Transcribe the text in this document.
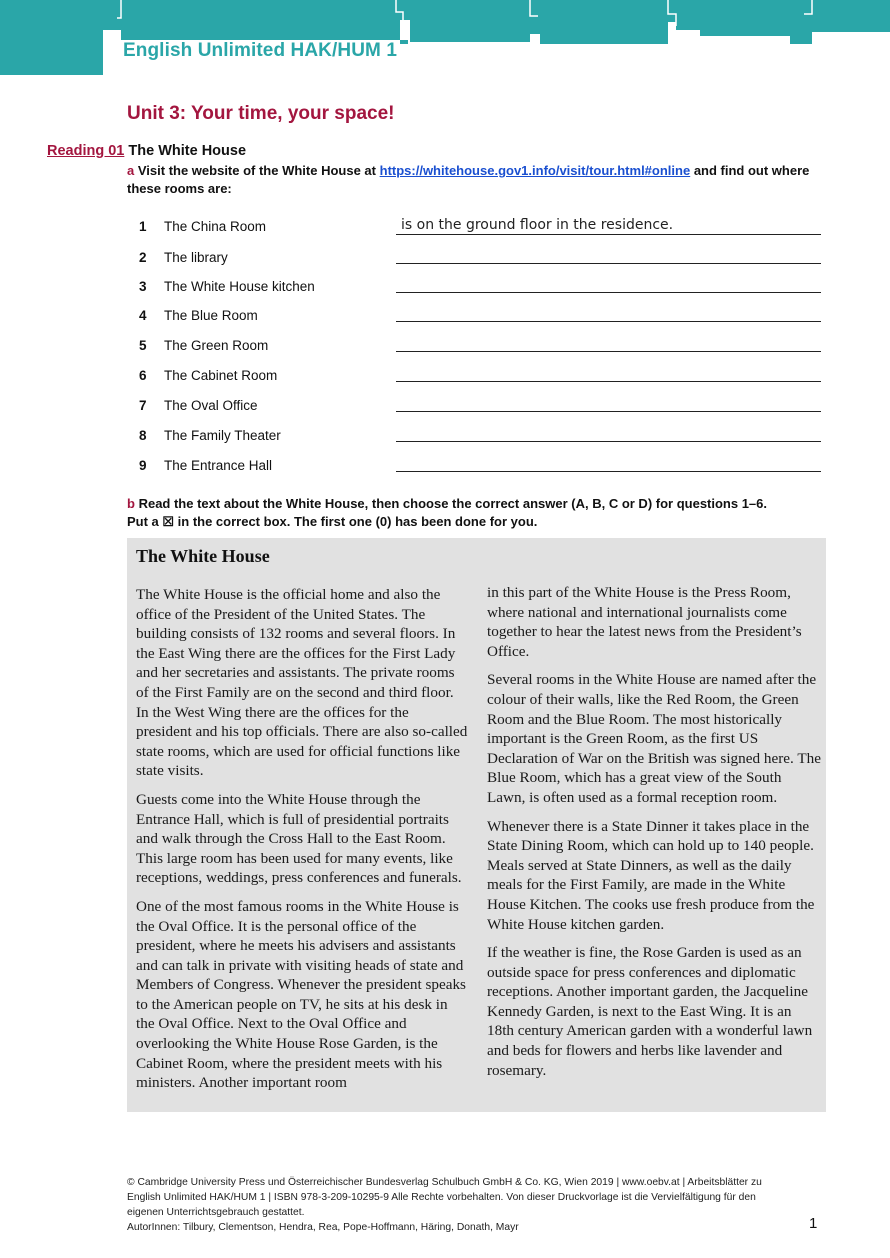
English Unlimited HAK/HUM 1
Unit 3: Your time, your space!
Reading 01 The White House
a Visit the website of the White House at https://whitehouse.gov1.info/visit/tour.html#online and find out where these rooms are:
1 The China Room	is on the ground floor in the residence.
2 The library
3 The White House kitchen
4 The Blue Room
5 The Green Room
6 The Cabinet Room
7 The Oval Office
8 The Family Theater
9 The Entrance Hall
b Read the text about the White House, then choose the correct answer (A, B, C or D) for questions 1–6.
Put a ☒ in the correct box. The first one (0) has been done for you.
The White House

The White House is the official home and also the office of the President of the United States. The building consists of 132 rooms and several floors. In the East Wing there are the offices for the First Lady and her secretaries and assistants. The private rooms of the First Family are on the second and third floor. In the West Wing there are the offices for the president and his top officials. There are also so-called state rooms, which are used for official functions like state visits.

Guests come into the White House through the Entrance Hall, which is full of presidential portraits and walk through the Cross Hall to the East Room. This large room has been used for many events, like receptions, weddings, press conferences and funerals.

One of the most famous rooms in the White House is the Oval Office. It is the personal office of the president, where he meets his advisers and assistants and can talk in private with visiting heads of state and Members of Congress. Whenever the president speaks to the American people on TV, he sits at his desk in the Oval Office. Next to the Oval Office and overlooking the White House Rose Garden, is the Cabinet Room, where the president meets with his ministers. Another important room

in this part of the White House is the Press Room, where national and international journalists come together to hear the latest news from the President’s Office.

Several rooms in the White House are named after the colour of their walls, like the Red Room, the Green Room and the Blue Room. The most historically important is the Green Room, as the first US Declaration of War on the British was signed here. The Blue Room, which has a great view of the South Lawn, is often used as a formal reception room.

Whenever there is a State Dinner it takes place in the State Dining Room, which can hold up to 140 people. Meals served at State Dinners, as well as the daily meals for the First Family, are made in the White House Kitchen. The cooks use fresh produce from the White House kitchen garden.

If the weather is fine, the Rose Garden is used as an outside space for press conferences and diplomatic receptions. Another important garden, the Jacqueline Kennedy Garden, is next to the East Wing. It is an 18th century American garden with a wonderful lawn and beds for flowers and herbs like lavender and rosemary.

© Cambridge University Press und Österreichischer Bundesverlag Schulbuch GmbH & Co. KG, Wien 2019 | www.oebv.at | Arbeitsblätter zu
English Unlimited HAK/HUM 1 | ISBN 978-3-209-10295-9 Alle Rechte vorbehalten. Von dieser Druckvorlage ist die Vervielfältigung für den
eigenen Unterrichtsgebrauch gestattet.
AutorInnen: Tilbury, Clementson, Hendra, Rea, Pope-Hoffmann, Häring, Donath, Mayr	1
